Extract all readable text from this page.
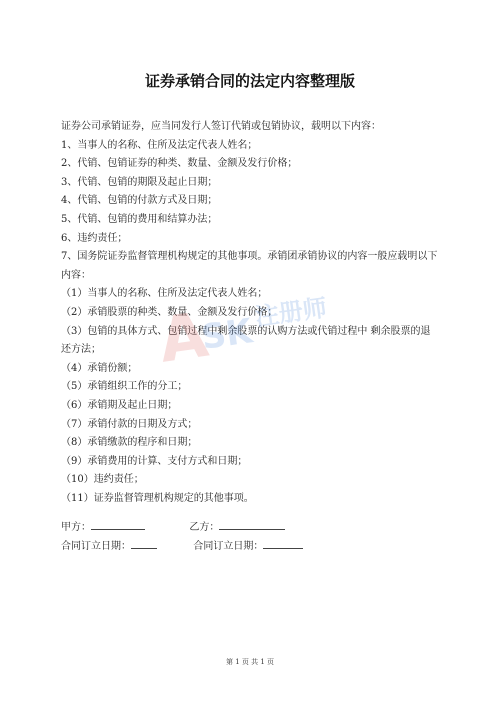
证券承销合同的法定内容整理版
证券公司承销证券，应当同发行人签订代销或包销协议，载明以下内容：
1、当事人的名称、住所及法定代表人姓名；
2、代销、包销证券的种类、数量、金额及发行价格；
3、代销、包销的期限及起止日期；
4、代销、包销的付款方式及日期；
5、代销、包销的费用和结算办法；
6、违约责任；
7、国务院证券监督管理机构规定的其他事项。承销团承销协议的内容一般应载明以下
内容：
（1）当事人的名称、住所及法定代表人姓名；
（2）承销股票的种类、数量、金额及发行价格；
（3）包销的具体方式、包销过程中剩余股票的认购方法或代销过程中 剩余股票的退
还方法；
（4）承销份额；
（5）承销组织工作的分工；
（6）承销期及起止日期；
（7）承销付款的日期及方式；
（8）承销缴款的程序和日期；
（9）承销费用的计算、支付方式和日期；
（10）违约责任；
（11）证券监督管理机构规定的其他事项。
甲方：	乙方：
合同订立日期：	合同订立日期：
A
SK
注册师
第 1 页 共 1 页
